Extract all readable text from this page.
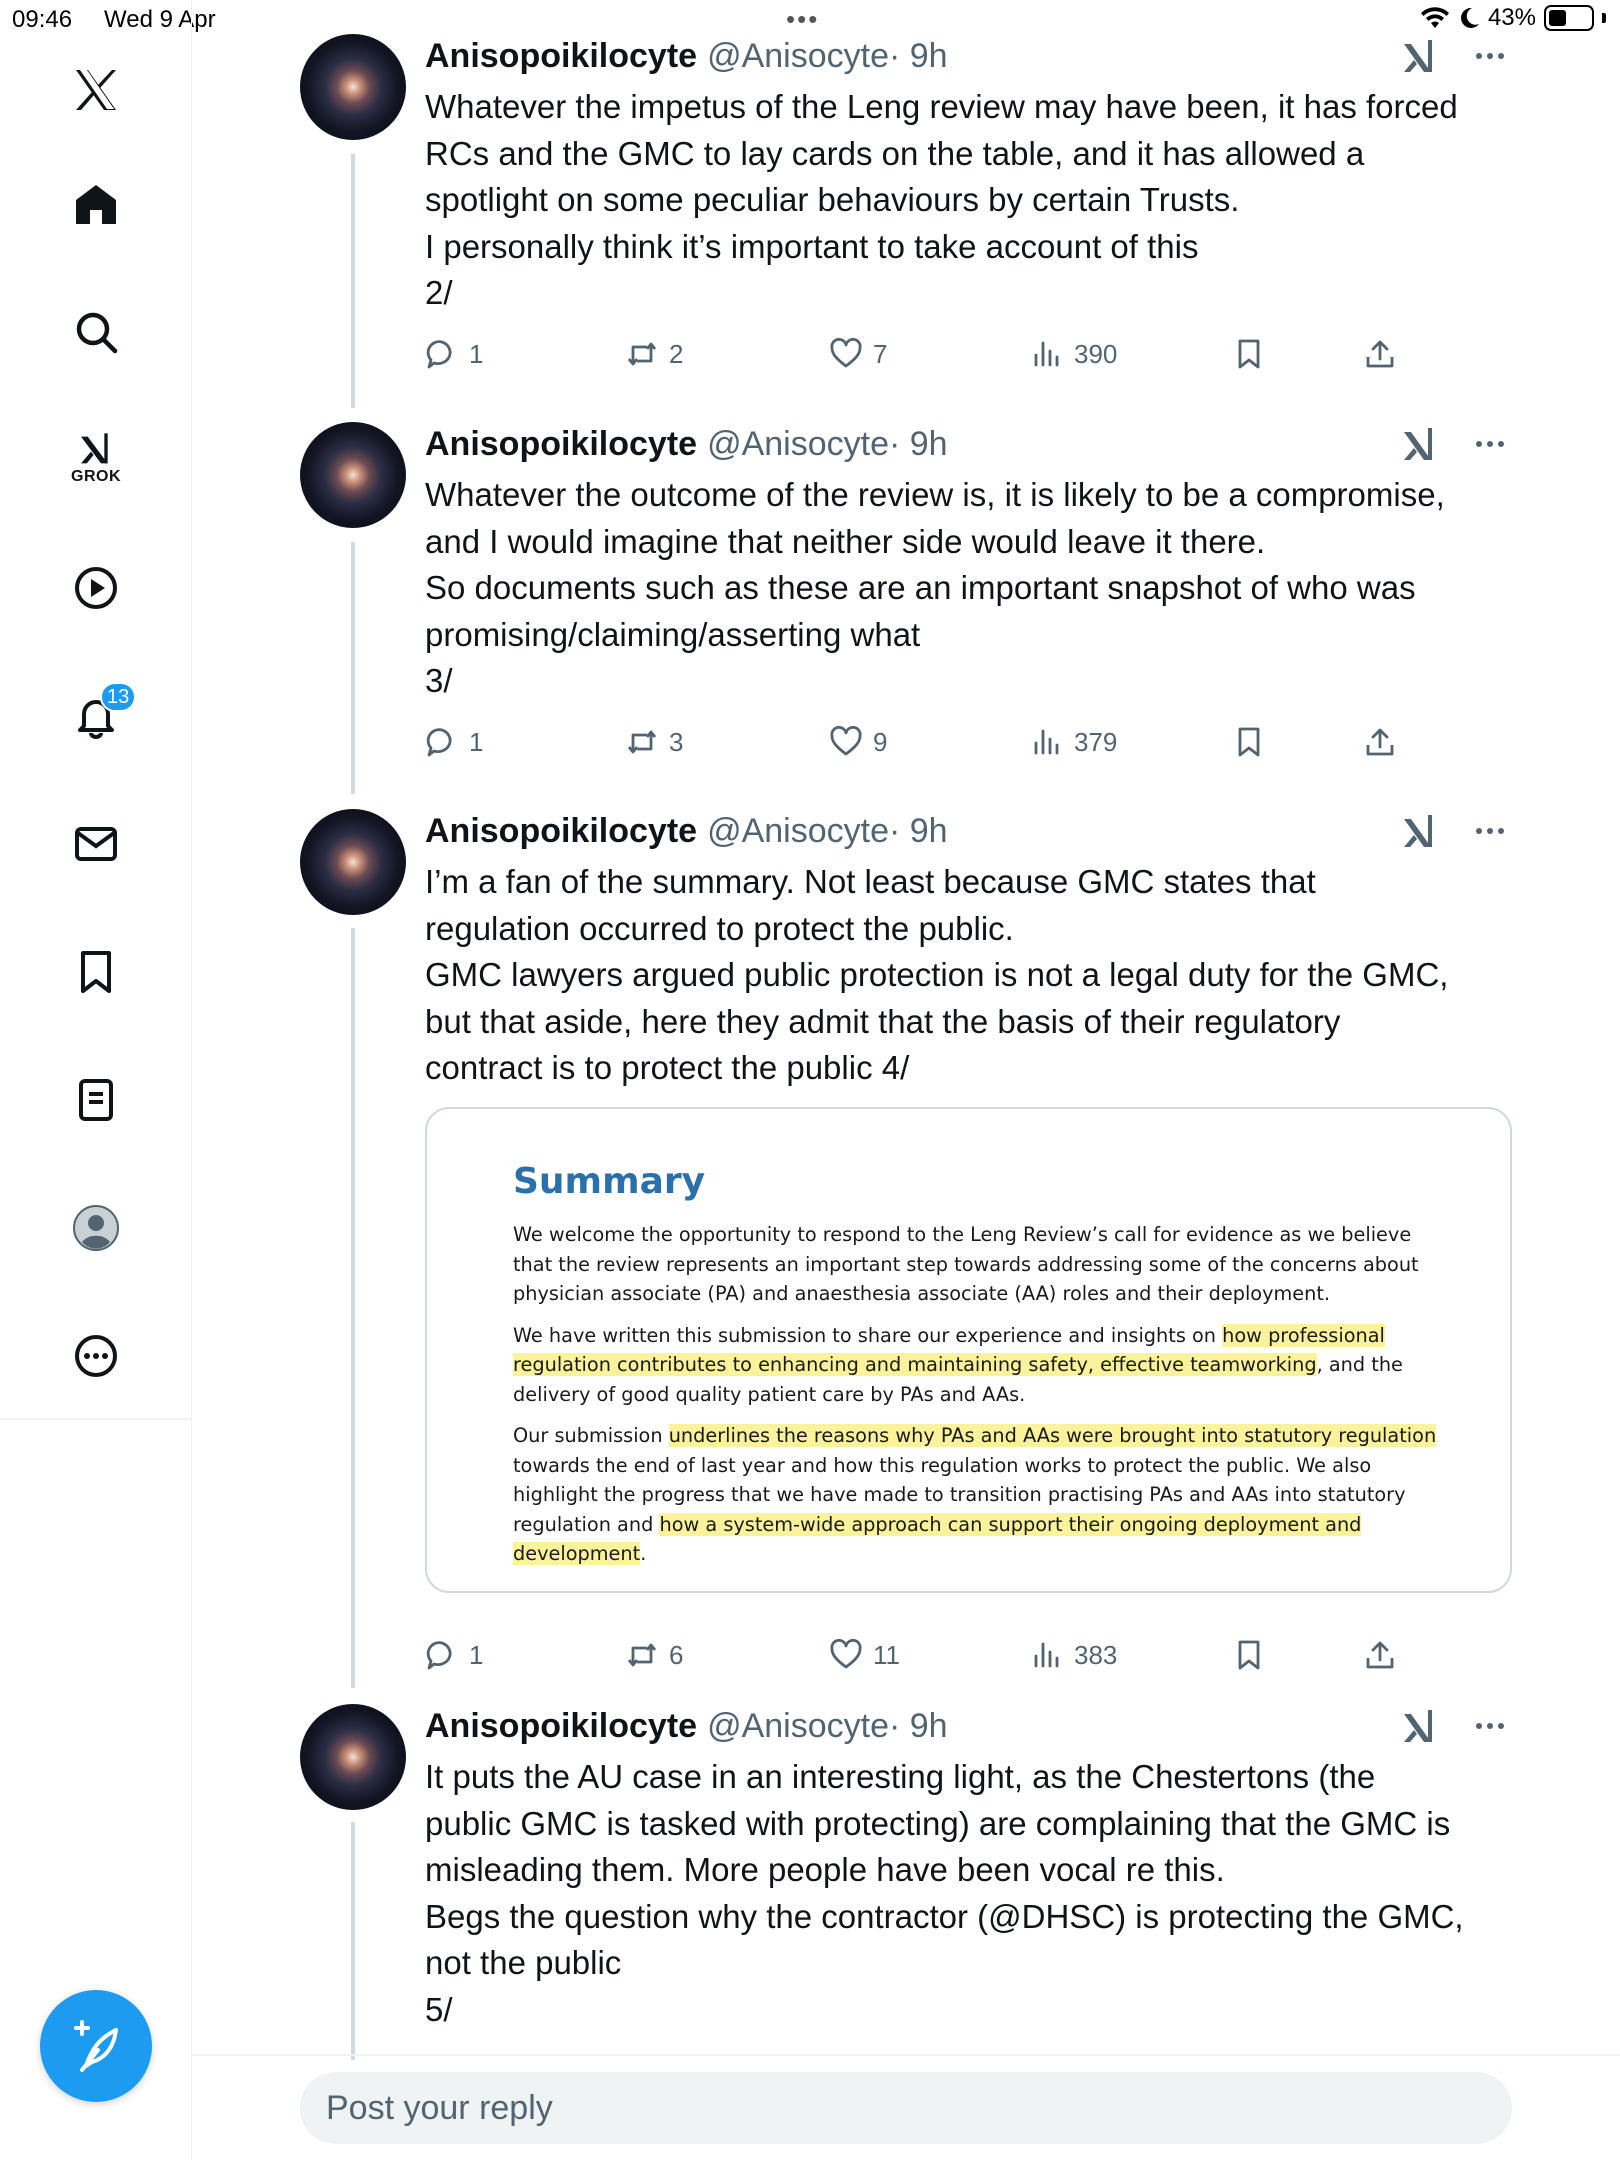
09:46 Wed 9 Apr	•••	43%
GROK
13
Anisopoikilocyte @Anisocyte · 9h

Whatever the impetus of the Leng review may have been, it has forced

RCs and the GMC to lay cards on the table, and it has allowed a

spotlight on some peculiar behaviours by certain Trusts.

I personally think it’s important to take account of this

2/

1	2	7	390
Anisopoikilocyte @Anisocyte · 9h

Whatever the outcome of the review is, it is likely to be a compromise,

and I would imagine that neither side would leave it there.

So documents such as these are an important snapshot of who was

promising/claiming/asserting what

3/

1	3	9	379
Anisopoikilocyte @Anisocyte · 9h

I’m a fan of the summary. Not least because GMC states that

regulation occurred to protect the public.

GMC lawyers argued public protection is not a legal duty for the GMC,

but that aside, here they admit that the basis of their regulatory

contract is to protect the public 4/

Summary

We welcome the opportunity to respond to the Leng Review’s call for evidence as we believe

that the review represents an important step towards addressing some of the concerns about

physician associate (PA) and anaesthesia associate (AA) roles and their deployment.

We have written this submission to share our experience and insights on how professional

regulation contributes to enhancing and maintaining safety, effective teamworking, and the

delivery of good quality patient care by PAs and AAs.

Our submission underlines the reasons why PAs and AAs were brought into statutory regulation

towards the end of last year and how this regulation works to protect the public. We also

highlight the progress that we have made to transition practising PAs and AAs into statutory

regulation and how a system-wide approach can support their ongoing deployment and

development.

1	6	11	383
Anisopoikilocyte @Anisocyte · 9h

It puts the AU case in an interesting light, as the Chestertons (the

public GMC is tasked with protecting) are complaining that the GMC is

misleading them. More people have been vocal re this.

Begs the question why the contractor (@DHSC) is protecting the GMC,

not the public

5/

Post your reply
